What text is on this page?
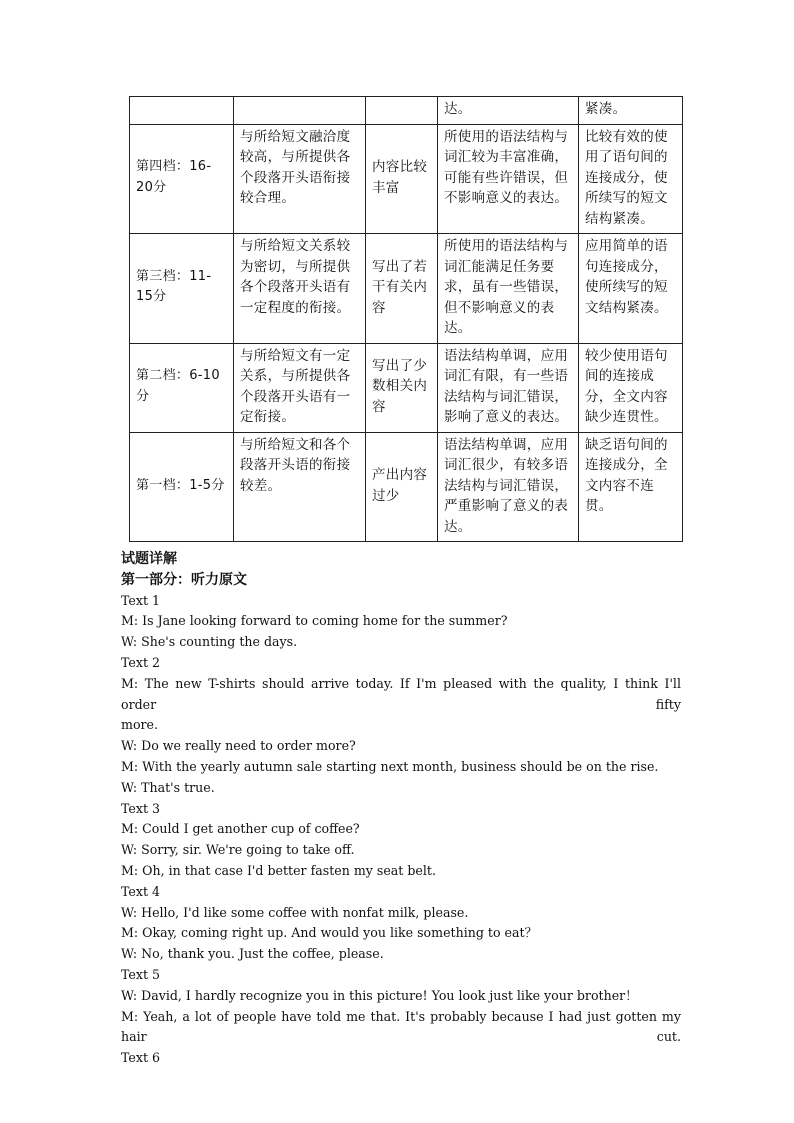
			达。	紧凑。
第四档：16-20分	与所给短文融洽度较高，与所提供各个段落开头语衔接较合理。	内容比较丰富	所使用的语法结构与词汇较为丰富准确，可能有些许错误，但不影响意义的表达。	比较有效的使用了语句间的连接成分，使所续写的短文结构紧凑。
第三档：11-15分	与所给短文关系较为密切，与所提供各个段落开头语有一定程度的衔接。	写出了若干有关内容	所使用的语法结构与词汇能满足任务要求，虽有一些错误，但不影响意义的表达。	应用简单的语句连接成分，使所续写的短文结构紧凑。
第二档：6-10分	与所给短文有一定关系，与所提供各个段落开头语有一定衔接。	写出了少数相关内容	语法结构单调，应用词汇有限，有一些语法结构与词汇错误，影响了意义的表达。	较少使用语句间的连接成分，全文内容缺少连贯性。
第一档：1-5分	与所给短文和各个段落开头语的衔接较差。	产出内容过少	语法结构单调，应用词汇很少，有较多语法结构与词汇错误，严重影响了意义的表达。	缺乏语句间的连接成分，全文内容不连贯。
试题详解
第一部分：听力原文
Text 1
M: Is Jane looking forward to coming home for the summer?
W: She's counting the days.
Text 2
M: The new T-shirts should arrive today. If I'm pleased with the quality, I think I'll order fifty
more.
W: Do we really need to order more?
M: With the yearly autumn sale starting next month, business should be on the rise.
W: That's true.
Text 3
M: Could I get another cup of coffee?
W: Sorry, sir. We're going to take off.
M: Oh, in that case I'd better fasten my seat belt.
Text 4
W: Hello, I'd like some coffee with nonfat milk, please.
M: Okay, coming right up. And would you like something to eat？
W: No, thank you. Just the coffee, please.
Text 5
W: David, I hardly recognize you in this picture! You look just like your brother！
M: Yeah, a lot of people have told me that. It's probably because I had just gotten my hair cut.
Text 6
